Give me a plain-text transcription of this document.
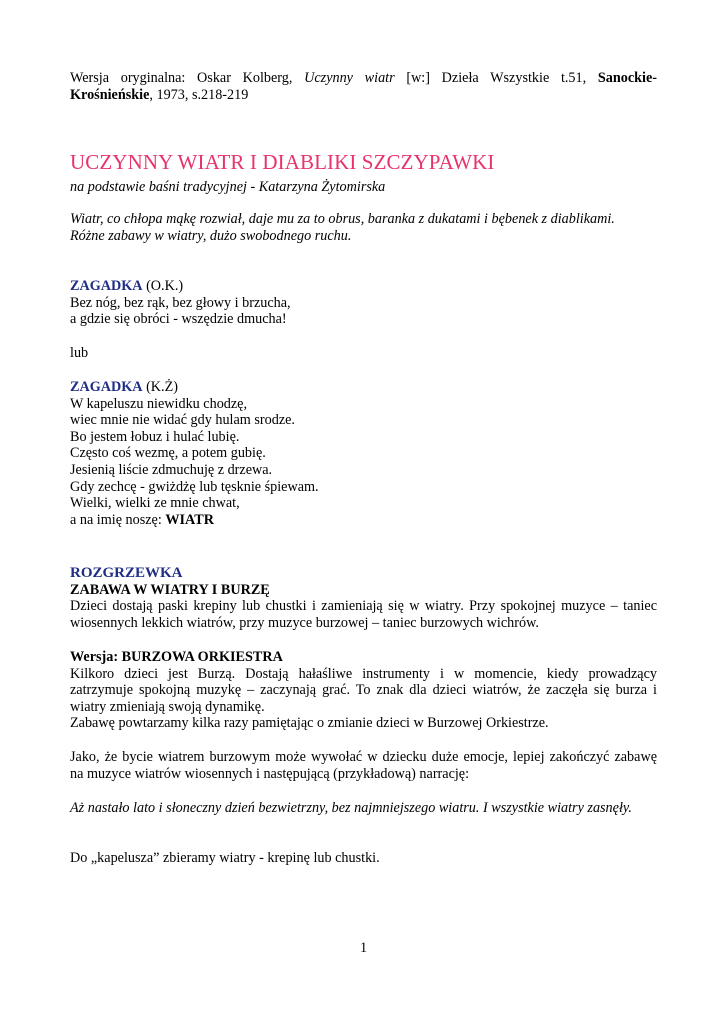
Wersja oryginalna: Oskar Kolberg, Uczynny wiatr [w:] Dzieła Wszystkie t.51, Sanockie-Krośnieńskie, 1973, s.218-219

UCZYNNY WIATR I DIABLIKI SZCZYPAWKI

na podstawie baśni tradycyjnej - Katarzyna Żytomirska

Wiatr, co chłopa mąkę rozwiał, daje mu za to obrus, baranka z dukatami i bębenek z diablikami.
Różne zabawy w wiatry, dużo swobodnego ruchu.

ZAGADKA (O.K.)

Bez nóg, bez rąk, bez głowy i brzucha,
a gdzie się obróci - wszędzie dmucha!

lub

ZAGADKA (K.Ż)

W kapeluszu niewidku chodzę,
wiec mnie nie widać gdy hulam srodze.
Bo jestem łobuz i hulać lubię.
Często coś wezmę, a potem gubię.
Jesienią liście zdmuchuję z drzewa.
Gdy zechcę - gwiżdżę lub tęsknie śpiewam.
Wielki, wielki ze mnie chwat,
a na imię noszę: WIATR

ROZGRZEWKA

ZABAWA W WIATRY I BURZĘ

Dzieci dostają paski krepiny lub chustki i zamieniają się w wiatry. Przy spokojnej muzyce – taniec
wiosennych lekkich wiatrów, przy muzyce burzowej – taniec burzowych wichrów.

Wersja: BURZOWA ORKIESTRA

Kilkoro dzieci jest Burzą. Dostają hałaśliwe instrumenty i w momencie, kiedy prowadzący
zatrzymuje spokojną muzykę – zaczynają grać. To znak dla dzieci wiatrów, że zaczęła się burza i
wiatry zmieniają swoją dynamikę.
Zabawę powtarzamy kilka razy pamiętając o zmianie dzieci w Burzowej Orkiestrze.
Jako, że bycie wiatrem burzowym może wywołać w dziecku duże emocje, lepiej zakończyć zabawę
na muzyce wiatrów wiosennych i następującą (przykładową) narrację:

Aż nastało lato i słoneczny dzień bezwietrzny, bez najmniejszego wiatru. I wszystkie wiatry zasnęły.

Do „kapelusza” zbieramy wiatry - krepinę lub chustki.

1
